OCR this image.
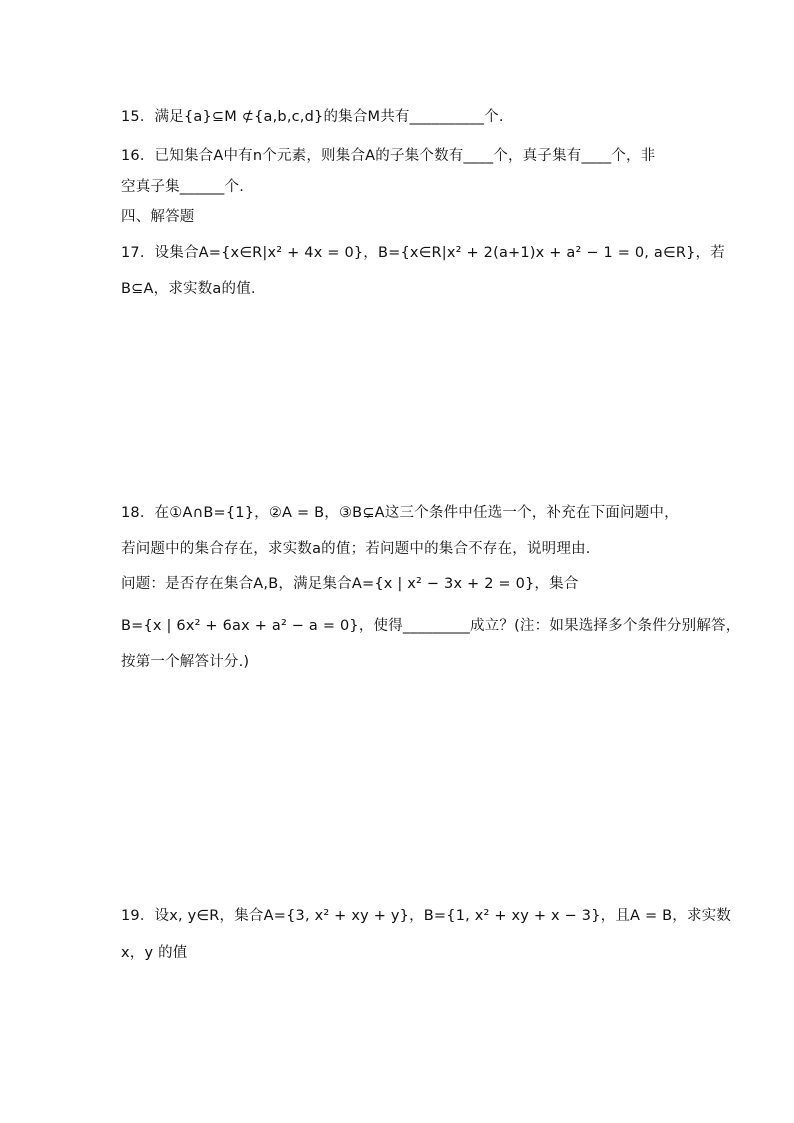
15．满足{a}⊆M ⊄{a,b,c,d}的集合M共有__________个.
16．已知集合A中有n个元素，则集合A的子集个数有____个，真子集有____个，非
空真子集______个.
四、解答题
17．设集合A={x∈R|x² + 4x = 0}，B={x∈R|x² + 2(a+1)x + a² − 1 = 0, a∈R}，若
B⊆A，求实数a的值.
18．在①A∩B={1}，②A = B，③B⊊A这三个条件中任选一个，补充在下面问题中，
若问题中的集合存在，求实数a的值；若问题中的集合不存在，说明理由.
问题：是否存在集合A,B，满足集合A={x | x² − 3x + 2 = 0}，集合
B={x | 6x² + 6ax + a² − a = 0}，使得_________成立？(注：如果选择多个条件分别解答，
按第一个解答计分.)
19．设x, y∈R，集合A={3, x² + xy + y}，B={1, x² + xy + x − 3}，且A = B，求实数
x，y 的值
